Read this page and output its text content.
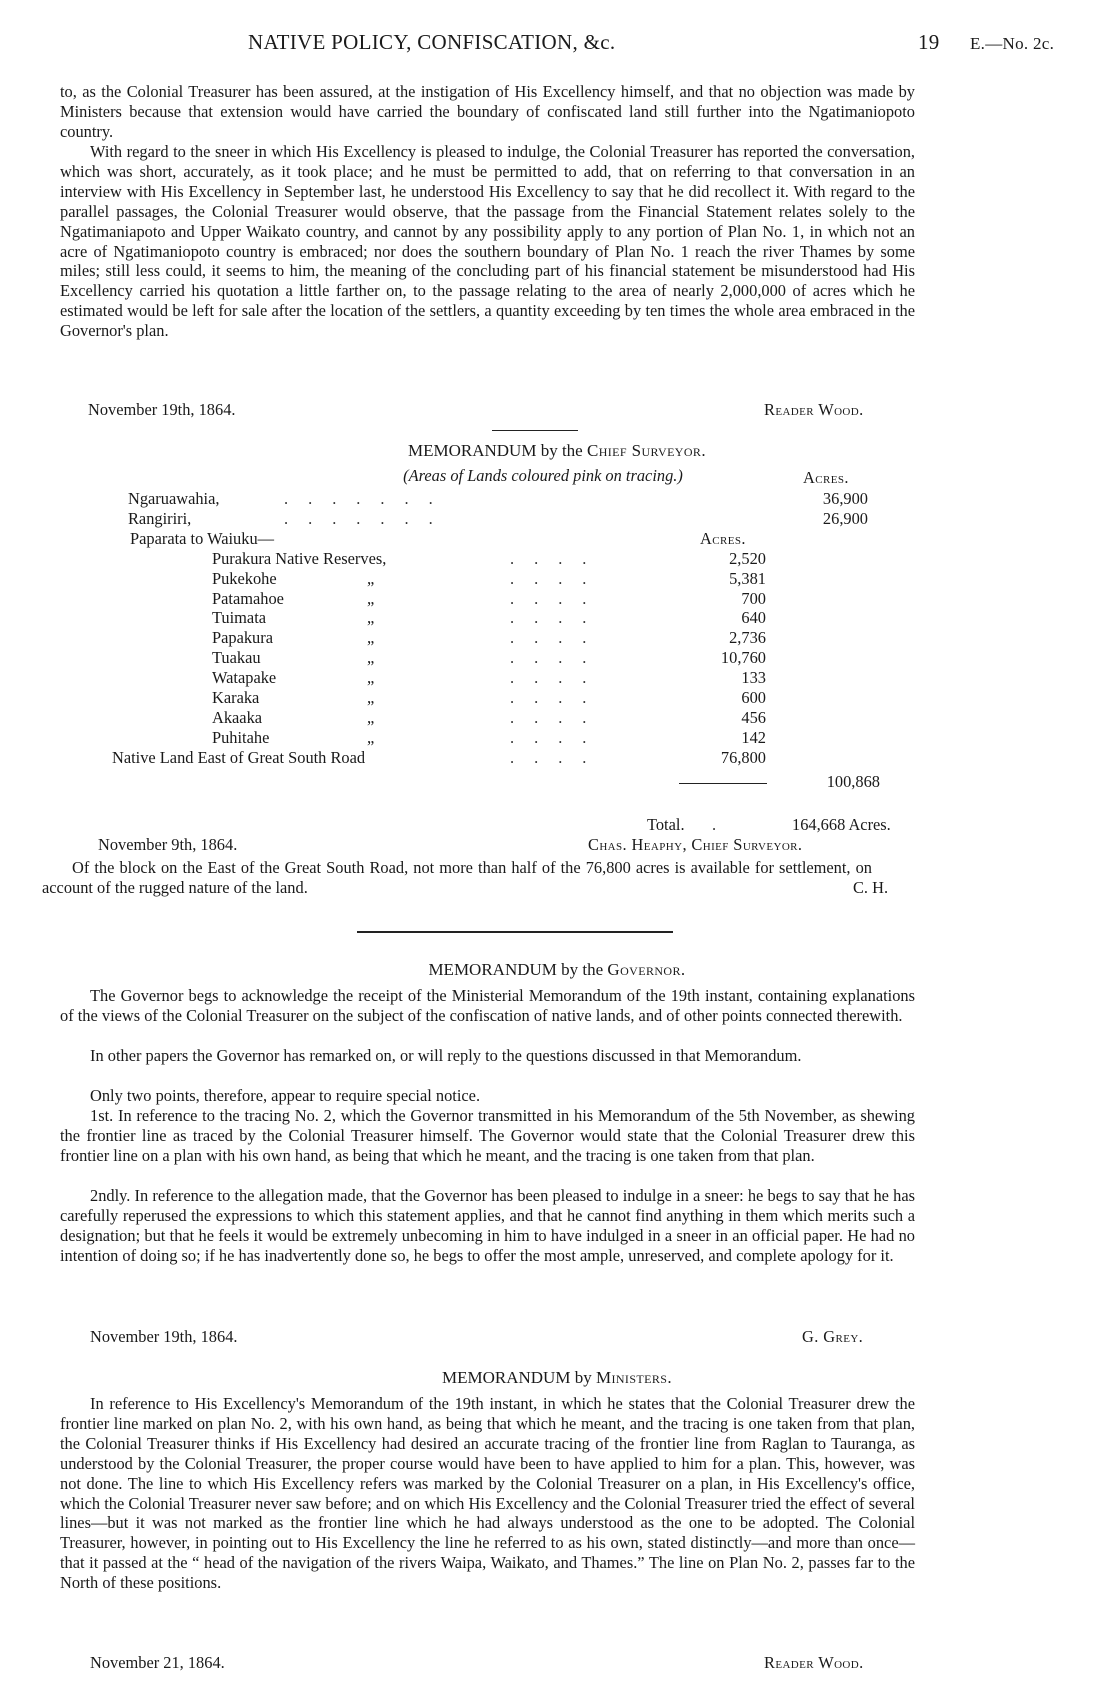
NATIVE POLICY, CONFISCATION, &c.	19 E.—No. 2c.
to, as the Colonial Treasurer has been assured, at the instigation of His Excellency himself, and that no objection was made by Ministers because that extension would have carried the boundary of confiscated land still further into the Ngatimaniopoto country.
With regard to the sneer in which His Excellency is pleased to indulge, the Colonial Treasurer has reported the conversation, which was short, accurately, as it took place; and he must be permitted to add, that on referring to that conversation in an interview with His Excellency in September last, he understood His Excellency to say that he did recollect it. With regard to the parallel passages, the Colonial Treasurer would observe, that the passage from the Financial Statement relates solely to the Ngatimaniapoto and Upper Waikato country, and cannot by any possibility apply to any portion of Plan No. 1, in which not an acre of Ngatimaniopoto country is embraced; nor does the southern boundary of Plan No. 1 reach the river Thames by some miles; still less could, it seems to him, the meaning of the concluding part of his financial statement be misunderstood had His Excellency carried his quotation a little farther on, to the passage relating to the area of nearly 2,000,000 of acres which he estimated would be left for sale after the location of the settlers, a quantity exceeding by ten times the whole area embraced in the Governor's plan.
November 19th, 1864.	Reader Wood.
MEMORANDUM by the Chief Surveyor.
(Areas of Lands coloured pink on tracing.)	Acres.
Ngaruawahia,	.......	36,900
Rangiriri,	.......	26,900
Paparata to Waiuku—	Acres.
Purakura Native Reserves,	....	2,520
Pukekohe	„	....	5,381
Patamahoe	„	....	700
Tuimata	„	....	640
Papakura	„	....	2,736
Tuakau	„	....	10,760
Watapake	„	....	133
Karaka	„	....	600
Akaaka	„	....	456
Puhitahe	„	....	142
Native Land East of Great South Road	....	76,800
100,868
Total. .	164,668 Acres.
November 9th, 1864.	Chas. Heaphy, Chief Surveyor.
Of the block on the East of the Great South Road, not more than half of the 76,800 acres is available for settlement, on account of the rugged nature of the land.	C. H.
MEMORANDUM by the Governor.
The Governor begs to acknowledge the receipt of the Ministerial Memorandum of the 19th instant, containing explanations of the views of the Colonial Treasurer on the subject of the confiscation of native lands, and of other points connected therewith.
In other papers the Governor has remarked on, or will reply to the questions discussed in that Memorandum.
Only two points, therefore, appear to require special notice.
1st. In reference to the tracing No. 2, which the Governor transmitted in his Memorandum of the 5th November, as shewing the frontier line as traced by the Colonial Treasurer himself. The Governor would state that the Colonial Treasurer drew this frontier line on a plan with his own hand, as being that which he meant, and the tracing is one taken from that plan.
2ndly. In reference to the allegation made, that the Governor has been pleased to indulge in a sneer: he begs to say that he has carefully reperused the expressions to which this statement applies, and that he cannot find anything in them which merits such a designation; but that he feels it would be extremely unbecoming in him to have indulged in a sneer in an official paper. He had no intention of doing so; if he has inadvertently done so, he begs to offer the most ample, unreserved, and complete apology for it.
November 19th, 1864.	G. Grey.
MEMORANDUM by Ministers.
In reference to His Excellency's Memorandum of the 19th instant, in which he states that the Colonial Treasurer drew the frontier line marked on plan No. 2, with his own hand, as being that which he meant, and the tracing is one taken from that plan, the Colonial Treasurer thinks if His Excellency had desired an accurate tracing of the frontier line from Raglan to Tauranga, as understood by the Colonial Treasurer, the proper course would have been to have applied to him for a plan. This, however, was not done. The line to which His Excellency refers was marked by the Colonial Treasurer on a plan, in His Excellency's office, which the Colonial Treasurer never saw before; and on which His Excellency and the Colonial Treasurer tried the effect of several lines—but it was not marked as the frontier line which he had always understood as the one to be adopted. The Colonial Treasurer, however, in pointing out to His Excellency the line he referred to as his own, stated distinctly—and more than once—that it passed at the “ head of the navigation of the rivers Waipa, Waikato, and Thames.” The line on Plan No. 2, passes far to the North of these positions.
November 21, 1864.	Reader Wood.
